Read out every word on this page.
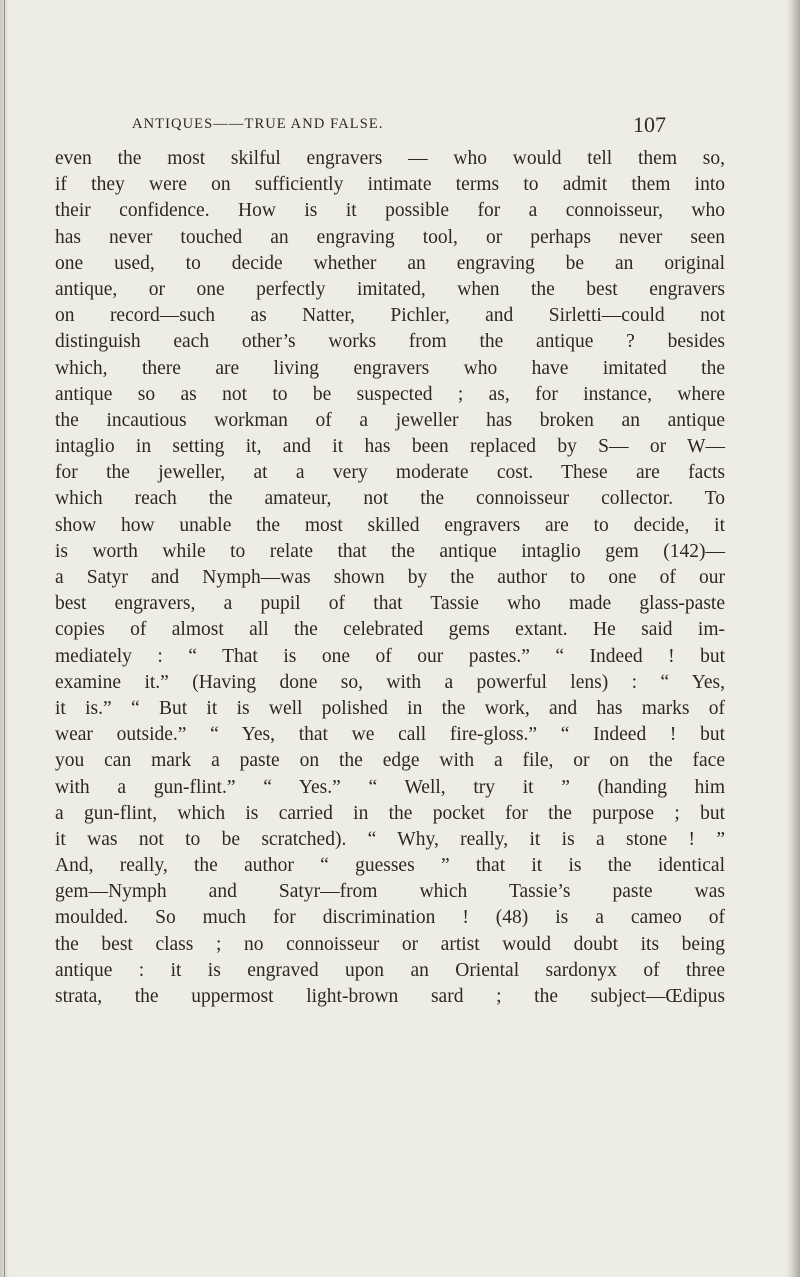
ANTIQUES——TRUE AND FALSE.	107
even the most skilful engravers — who would tell them so,
if they were on sufficiently intimate terms to admit them into
their confidence. How is it possible for a connoisseur, who
has never touched an engraving tool, or perhaps never seen
one used, to decide whether an engraving be an original
antique, or one perfectly imitated, when the best engravers
on record—such as Natter, Pichler, and Sirletti—could not
distinguish each other’s works from the antique ? besides
which, there are living engravers who have imitated the
antique so as not to be suspected ; as, for instance, where
the incautious workman of a jeweller has broken an antique
intaglio in setting it, and it has been replaced by S— or W—
for the jeweller, at a very moderate cost. These are facts
which reach the amateur, not the connoisseur collector. To
show how unable the most skilled engravers are to decide, it
is worth while to relate that the antique intaglio gem (142)—
a Satyr and Nymph—was shown by the author to one of our
best engravers, a pupil of that Tassie who made glass-paste
copies of almost all the celebrated gems extant. He said im-
mediately : “ That is one of our pastes.” “ Indeed ! but
examine it.” (Having done so, with a powerful lens) : “ Yes,
it is.” “ But it is well polished in the work, and has marks of
wear outside.” “ Yes, that we call fire-gloss.” “ Indeed ! but
you can mark a paste on the edge with a file, or on the face
with a gun-flint.” “ Yes.” “ Well, try it ” (handing him
a gun-flint, which is carried in the pocket for the purpose ; but
it was not to be scratched). “ Why, really, it is a stone ! ”
And, really, the author “ guesses ” that it is the identical
gem—Nymph and Satyr—from which Tassie’s paste was
moulded. So much for discrimination ! (48) is a cameo of
the best class ; no connoisseur or artist would doubt its being
antique : it is engraved upon an Oriental sardonyx of three
strata, the uppermost light-brown sard ; the subject—Œdipus
